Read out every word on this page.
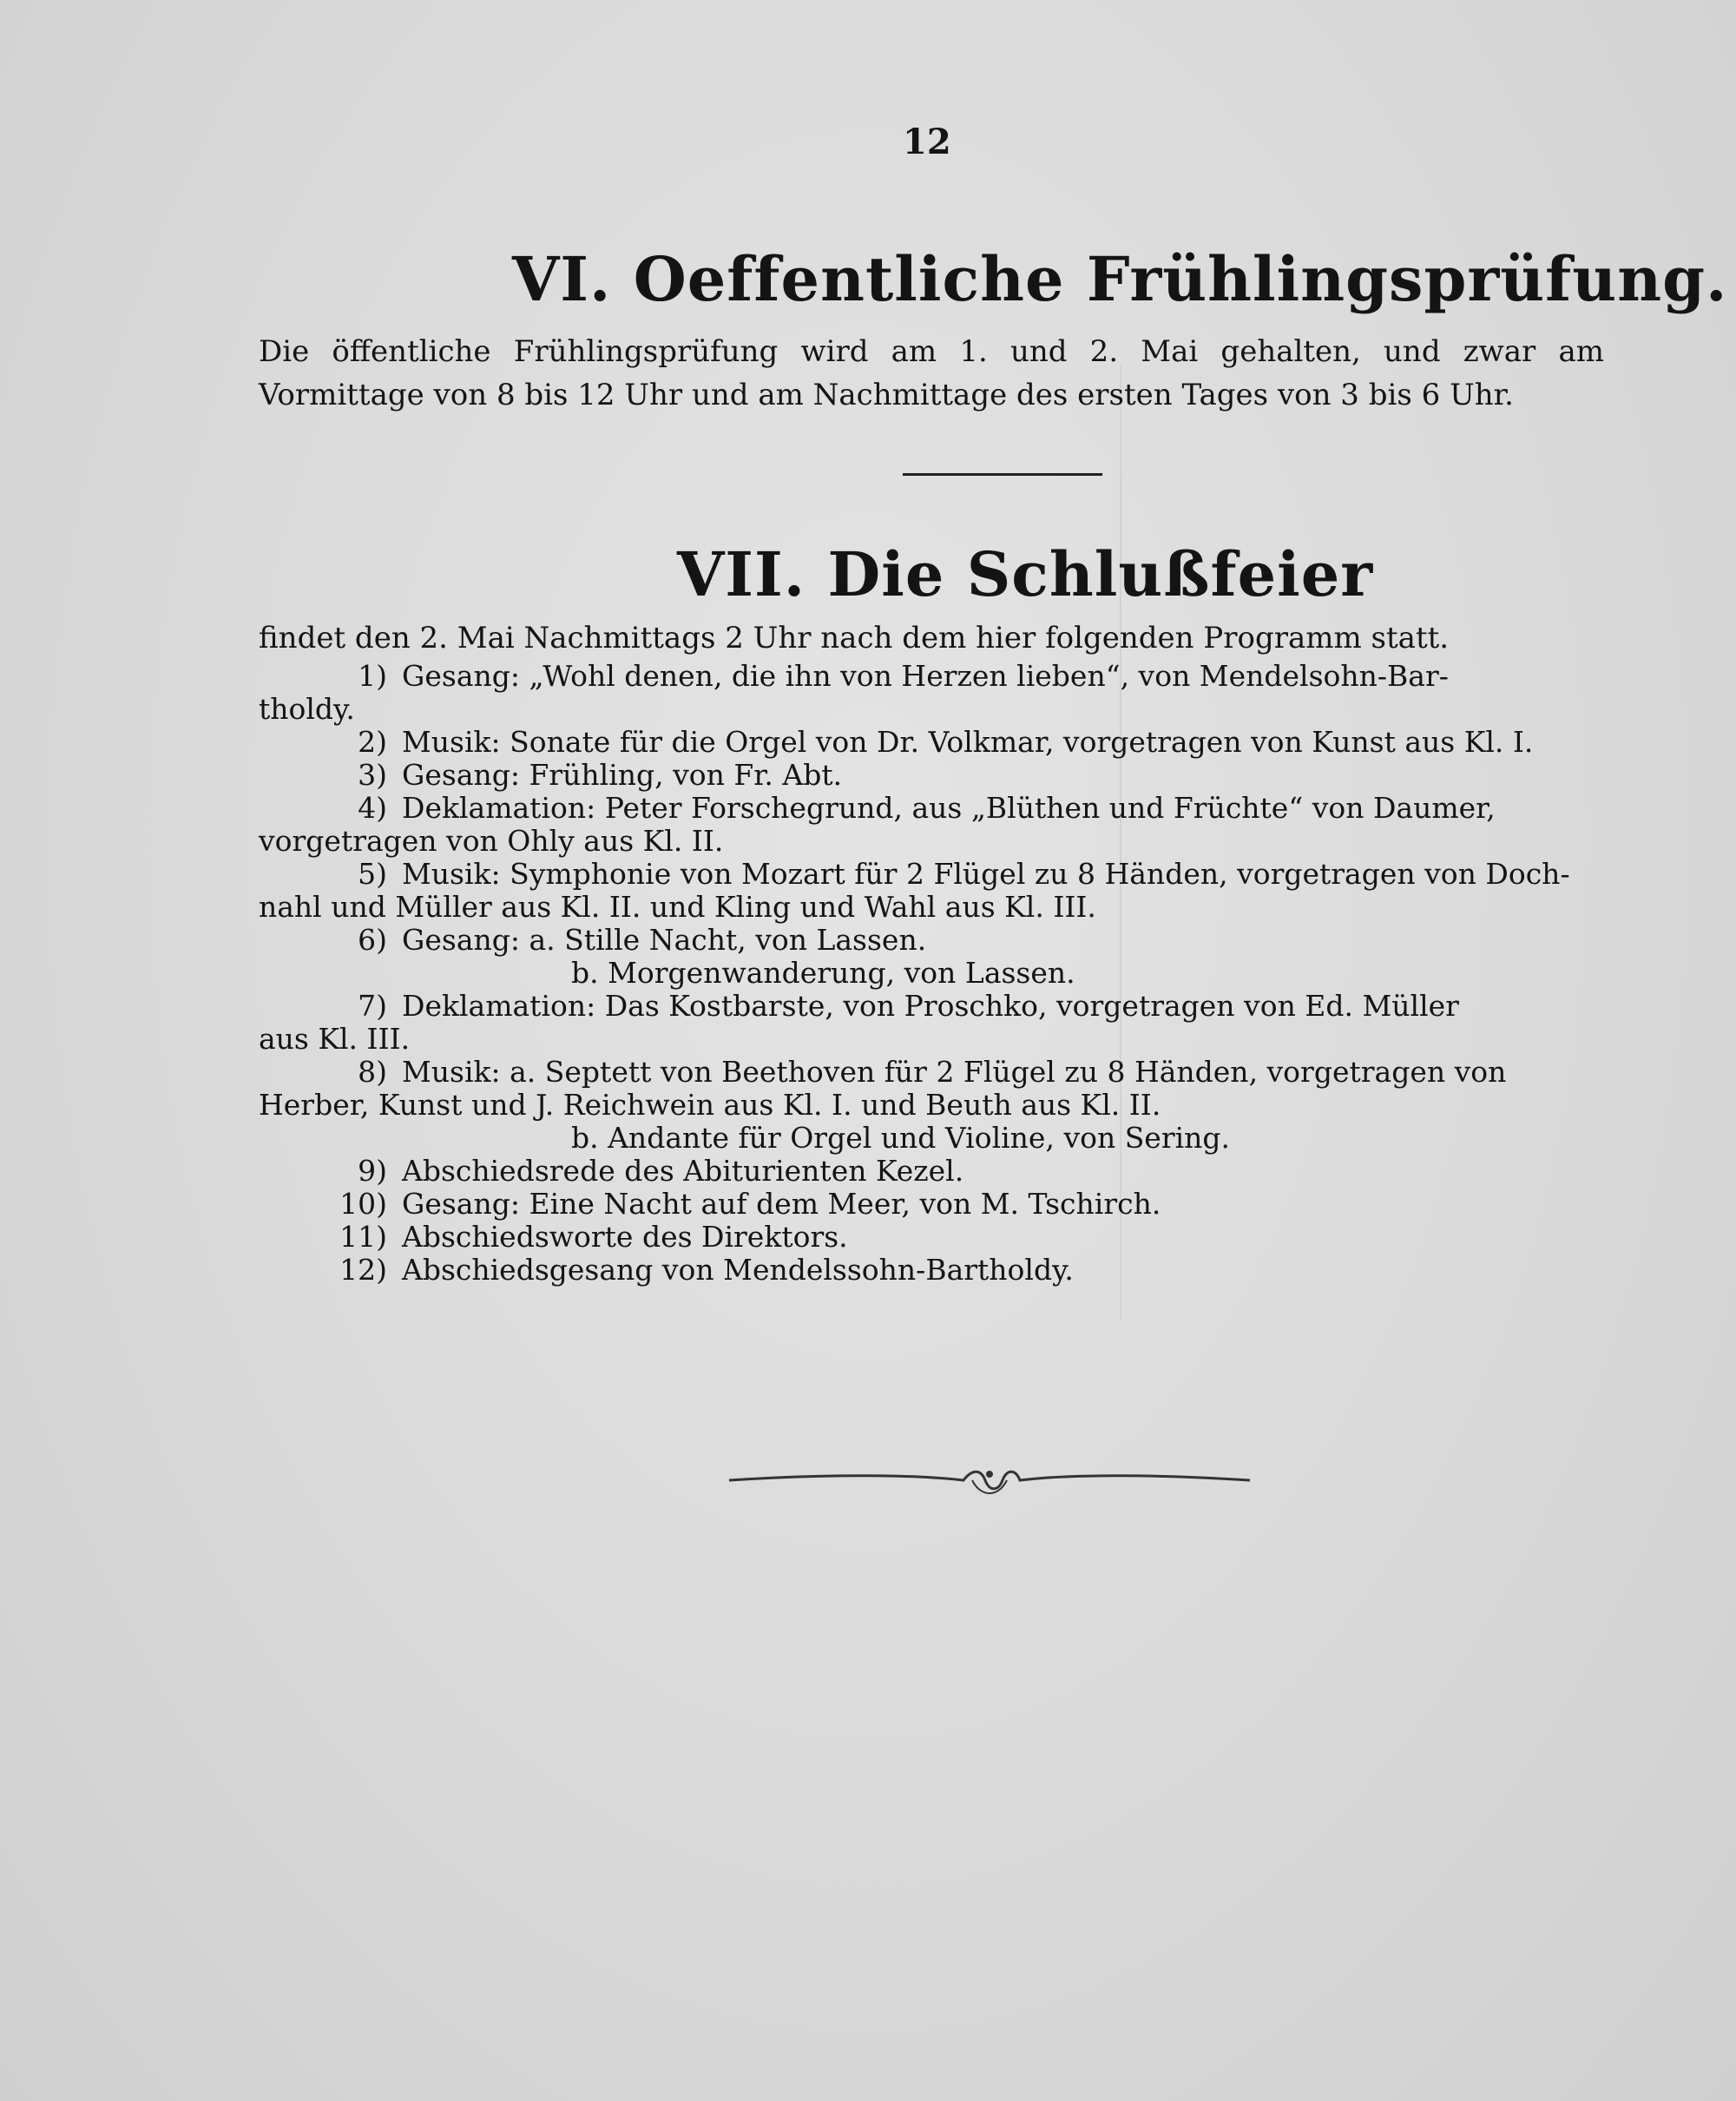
12
VI. Oeffentliche Frühlingsprüfung.
Die öffentliche Frühlingsprüfung wird am 1. und 2. Mai gehalten, und zwar am Vormittage von 8 bis 12 Uhr und am Nachmittage des ersten Tages von 3 bis 6 Uhr.
VII. Die Schlußfeier
findet den 2. Mai Nachmittags 2 Uhr nach dem hier folgenden Programm statt.
1) Gesang: „Wohl denen, die ihn von Herzen lieben“, von Mendelsohn-Bar-
tholdy.
2) Musik: Sonate für die Orgel von Dr. Volkmar, vorgetragen von Kunst aus Kl. I.
3) Gesang: Frühling, von Fr. Abt.
4) Deklamation: Peter Forschegrund, aus „Blüthen und Früchte“ von Daumer,
vorgetragen von Ohly aus Kl. II.
5) Musik: Symphonie von Mozart für 2 Flügel zu 8 Händen, vorgetragen von Doch-
nahl und Müller aus Kl. II. und Kling und Wahl aus Kl. III.
6) Gesang: a. Stille Nacht, von Lassen.
b. Morgenwanderung, von Lassen.
7) Deklamation: Das Kostbarste, von Proschko, vorgetragen von Ed. Müller
aus Kl. III.
8) Musik: a. Septett von Beethoven für 2 Flügel zu 8 Händen, vorgetragen von
Herber, Kunst und J. Reichwein aus Kl. I. und Beuth aus Kl. II.
b. Andante für Orgel und Violine, von Sering.
9) Abschiedsrede des Abiturienten Kezel.
10) Gesang: Eine Nacht auf dem Meer, von M. Tschirch.
11) Abschiedsworte des Direktors.
12) Abschiedsgesang von Mendelssohn-Bartholdy.
